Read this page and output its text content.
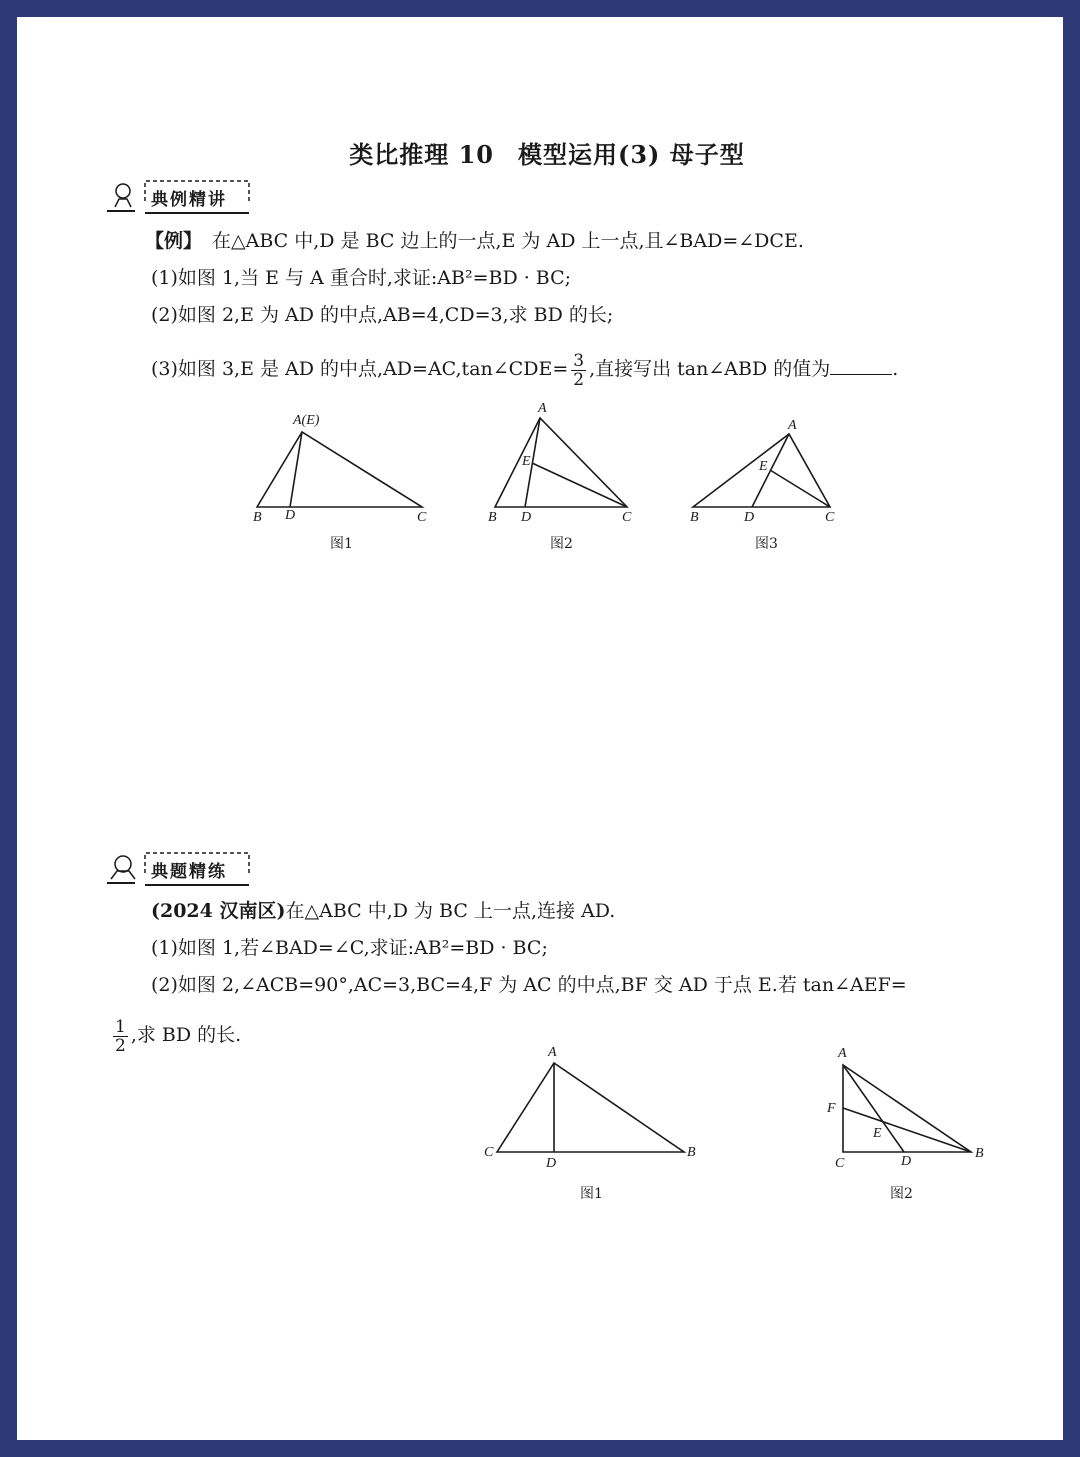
类比推理 10 模型运用(3) 母子型
典例精讲
【例】 在△ABC 中,D 是 BC 边上的一点,E 为 AD 上一点,且∠BAD=∠DCE.
(1)如图 1,当 E 与 A 重合时,求证:AB²=BD · BC;
(2)如图 2,E 为 AD 的中点,AB=4,CD=3,求 BD 的长;
(3)如图 3,E 是 AD 的中点,AD=AC,tan∠CDE= $\frac{3}{2}$ ,直接写出 tan∠ABD 的值为	.
A(E)
B D	C
图1
A
E
B D	C
图2
A
E
B	D	C
图3
典题精练
(2024 汉南区)在△ABC 中,D 为 BC 上一点,连接 AD.
(1)如图 1,若∠BAD=∠C,求证:AB²=BD · BC;
(2)如图 2,∠ACB=90°,AC=3,BC=4,F 为 AC 的中点,BF 交 AD 于点 E.若 tan∠AEF=
$\frac{1}{2}$ ,求 BD 的长.
A
C
D
B
图1
A
F
E
C	D
B
图2
